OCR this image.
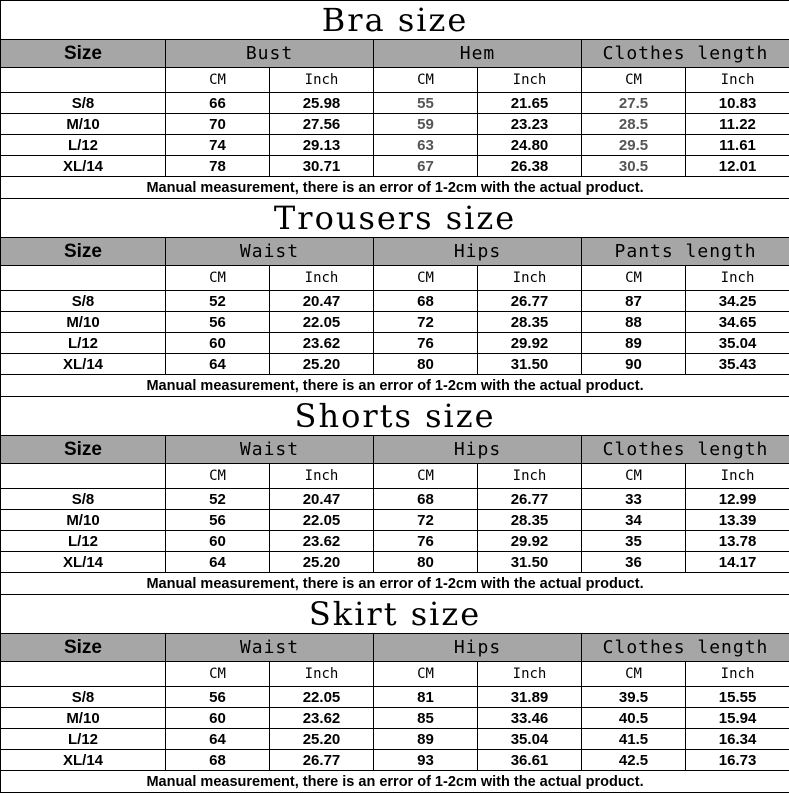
Bra size						
Size	Bust		Hem		Clothes length	
	CM	Inch	CM	Inch	CM	Inch
S/8	66	25.98	55	21.65	27.5	10.83
M/10	70	27.56	59	23.23	28.5	11.22
L/12	74	29.13	63	24.80	29.5	11.61
XL/14	78	30.71	67	26.38	30.5	12.01
Manual measurement, there is an error of 1-2cm with the actual product.						
Trousers size						
Size	Waist		Hips		Pants length	
	CM	Inch	CM	Inch	CM	Inch
S/8	52	20.47	68	26.77	87	34.25
M/10	56	22.05	72	28.35	88	34.65
L/12	60	23.62	76	29.92	89	35.04
XL/14	64	25.20	80	31.50	90	35.43
Manual measurement, there is an error of 1-2cm with the actual product.						
Shorts size						
Size	Waist		Hips		Clothes length	
	CM	Inch	CM	Inch	CM	Inch
S/8	52	20.47	68	26.77	33	12.99
M/10	56	22.05	72	28.35	34	13.39
L/12	60	23.62	76	29.92	35	13.78
XL/14	64	25.20	80	31.50	36	14.17
Manual measurement, there is an error of 1-2cm with the actual product.						
Skirt size						
Size	Waist		Hips		Clothes length	
	CM	Inch	CM	Inch	CM	Inch
S/8	56	22.05	81	31.89	39.5	15.55
M/10	60	23.62	85	33.46	40.5	15.94
L/12	64	25.20	89	35.04	41.5	16.34
XL/14	68	26.77	93	36.61	42.5	16.73
Manual measurement, there is an error of 1-2cm with the actual product.						
